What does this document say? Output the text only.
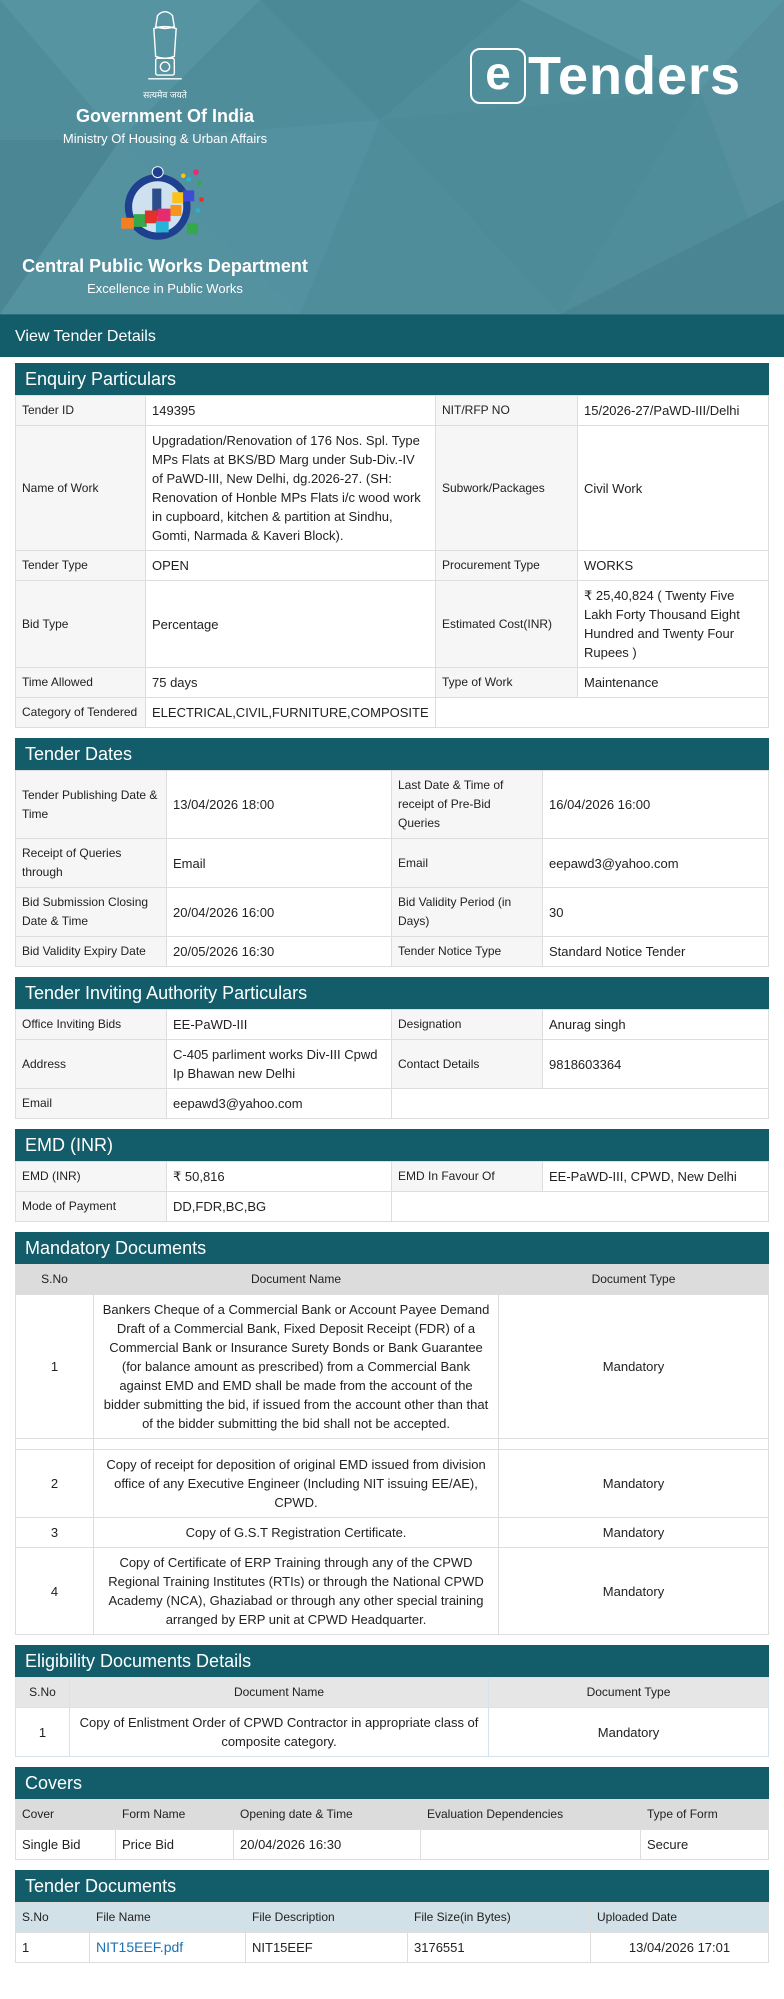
सत्यमेव जयते
Government Of India
Ministry Of Housing & Urban Affairs
Central Public Works Department
Excellence in Public Works
e Tenders
View Tender Details
Enquiry Particulars
Tender ID	149395	NIT/RFP NO	15/2026-27/PaWD-III/Delhi
Name of Work	Upgradation/Renovation of 176 Nos. Spl. Type MPs Flats at BKS/BD Marg under Sub-Div.-IV of PaWD-III, New Delhi, dg.2026-27. (SH: Renovation of Honble MPs Flats i/c wood work in cupboard, kitchen & partition at Sindhu, Gomti, Narmada & Kaveri Block).	Subwork/Packages	Civil Work
Tender Type	OPEN	Procurement Type	WORKS
Bid Type	Percentage	Estimated Cost(INR)	₹ 25,40,824 ( Twenty Five Lakh Forty Thousand Eight Hundred and Twenty Four Rupees )
Time Allowed	75 days	Type of Work	Maintenance
Category of Tendered	ELECTRICAL,CIVIL,FURNITURE,COMPOSITE		
Tender Dates
Tender Publishing Date & Time	13/04/2026 18:00	Last Date & Time of receipt of Pre-Bid Queries	16/04/2026 16:00
Receipt of Queries through	Email	Email	eepawd3@yahoo.com
Bid Submission Closing Date & Time	20/04/2026 16:00	Bid Validity Period (in Days)	30
Bid Validity Expiry Date	20/05/2026 16:30	Tender Notice Type	Standard Notice Tender
Tender Inviting Authority Particulars
Office Inviting Bids	EE-PaWD-III	Designation	Anurag singh
Address	C-405 parliment works Div-III Cpwd Ip Bhawan new Delhi	Contact Details	9818603364
Email	eepawd3@yahoo.com		
EMD (INR)
EMD (INR)	₹ 50,816	EMD In Favour Of	EE-PaWD-III, CPWD, New Delhi
Mode of Payment	DD,FDR,BC,BG		
Mandatory Documents
S.No	Document Name	Document Type
1	Bankers Cheque of a Commercial Bank or Account Payee Demand Draft of a Commercial Bank, Fixed Deposit Receipt (FDR) of a Commercial Bank or Insurance Surety Bonds or Bank Guarantee (for balance amount as prescribed) from a Commercial Bank against EMD and EMD shall be made from the account of the bidder submitting the bid, if issued from the account other than that of the bidder submitting the bid shall not be accepted.	Mandatory

2	Copy of receipt for deposition of original EMD issued from division office of any Executive Engineer (Including NIT issuing EE/AE), CPWD.	Mandatory
3	Copy of G.S.T Registration Certificate.	Mandatory
4	Copy of Certificate of ERP Training through any of the CPWD Regional Training Institutes (RTIs) or through the National CPWD Academy (NCA), Ghaziabad or through any other special training arranged by ERP unit at CPWD Headquarter.	Mandatory
Eligibility Documents Details
S.No	Document Name	Document Type
1	Copy of Enlistment Order of CPWD Contractor in appropriate class of composite category.	Mandatory
Covers
Cover	Form Name	Opening date & Time	Evaluation Dependencies	Type of Form
Single Bid	Price Bid	20/04/2026 16:30		Secure
Tender Documents
S.No	File Name	File Description	File Size(in Bytes)	Uploaded Date
1	NIT15EEF.pdf	NIT15EEF	3176551	13/04/2026 17:01
